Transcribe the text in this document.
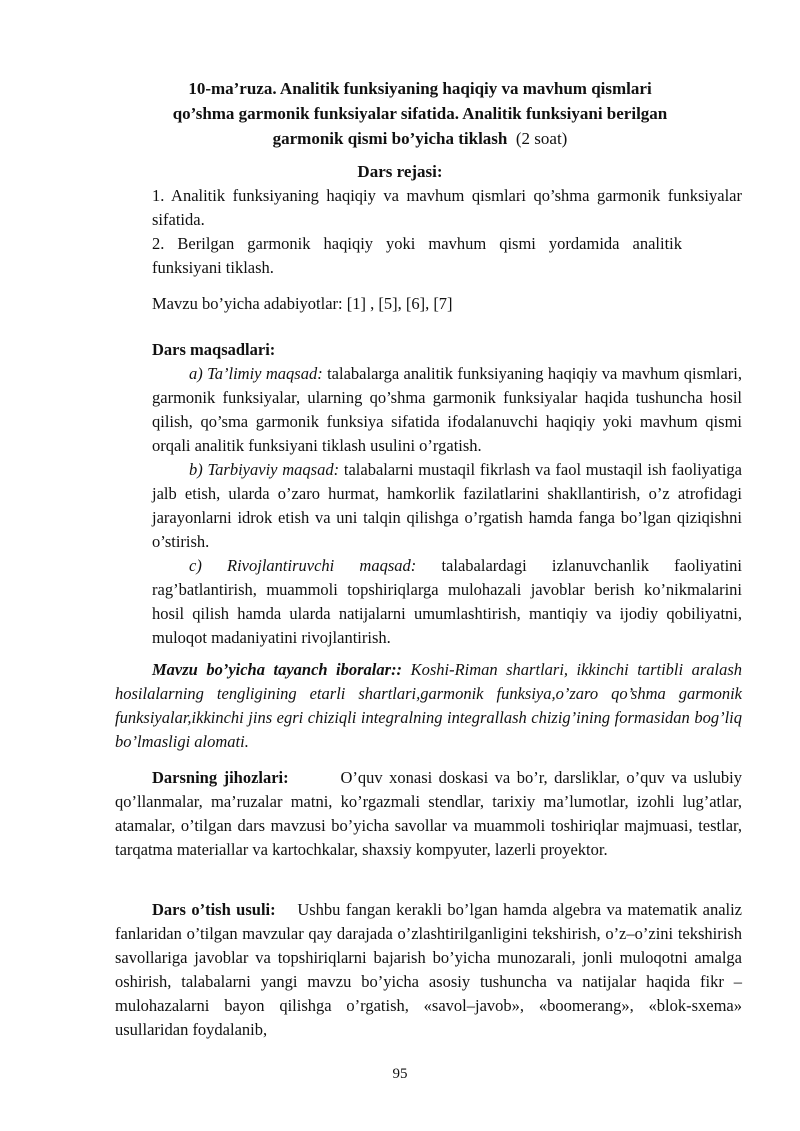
10-ma’ruza. Analitik funksiyaning haqiqiy va mavhum qismlari
qo’shma garmonik funksiyalar sifatida. Analitik funksiyani berilgan
garmonik qismi bo’yicha tiklash (2 soat)
Dars rejasi:

1. Analitik funksiyaning haqiqiy va mavhum qismlari qo’shma garmonik funksiyalar sifatida.

2. Berilgan garmonik haqiqiy yoki mavhum qismi yordamida analitik funksiyani tiklash.

Mavzu bo’yicha adabiyotlar: [1] , [5], [6], [7]

Dars maqsadlari:

a) Ta’limiy maqsad: talabalarga analitik funksiyaning haqiqiy va mavhum qismlari, garmonik funksiyalar, ularning qo’shma garmonik funksiyalar haqida tushuncha hosil qilish, qo’sma garmonik funksiya sifatida ifodalanuvchi haqiqiy yoki mavhum qismi orqali analitik funksiyani tiklash usulini o’rgatish.

b) Tarbiyaviy maqsad: talabalarni mustaqil fikrlash va faol mustaqil ish faoliyatiga jalb etish, ularda o’zaro hurmat, hamkorlik fazilatlarini shakllantirish, o’z atrofidagi jarayonlarni idrok etish va uni talqin qilishga o’rgatish hamda fanga bo’lgan qiziqishni o’stirish.

c) Rivojlantiruvchi maqsad: talabalardagi izlanuvchanlik faoliyatini rag’batlantirish, muammoli topshiriqlarga mulohazali javoblar berish ko’nikmalarini hosil qilish hamda ularda natijalarni umumlashtirish, mantiqiy va ijodiy qobiliyatni, muloqot madaniyatini rivojlantirish.

Mavzu bo’yicha tayanch iboralar:: Koshi-Riman shartlari, ikkinchi tartibli aralash hosilalarning tengligining etarli shartlari,garmonik funksiya,o’zaro qo’shma garmonik funksiyalar,ikkinchi jins egri chiziqli integralning integrallash chizig’ining formasidan bog’liq bo’lmasligi alomati.
Darsning jihozlari:	O’quv xonasi doskasi va bo’r, darsliklar, o’quv va uslubiy qo’llanmalar, ma’ruzalar matni, ko’rgazmali stendlar, tarixiy ma’lumotlar, izohli lug’atlar, atamalar, o’tilgan dars mavzusi bo’yicha savollar va muammoli toshiriqlar majmuasi, testlar, tarqatma materiallar va kartochkalar, shaxsiy kompyuter, lazerli proyektor.
Dars o’tish usuli: Ushbu fangan kerakli bo’lgan hamda algebra va matematik analiz fanlaridan o’tilgan mavzular qay darajada o’zlashtirilganligini tekshirish, o’z–o’zini tekshirish savollariga javoblar va topshiriqlarni bajarish bo’yicha munozarali, jonli muloqotni amalga oshirish, talabalarni yangi mavzu bo’yicha asosiy tushuncha va natijalar haqida fikr – mulohazalarni bayon qilishga o’rgatish, «savol–javob», «boomerang», «blok-sxema» usullaridan foydalanib,
95
